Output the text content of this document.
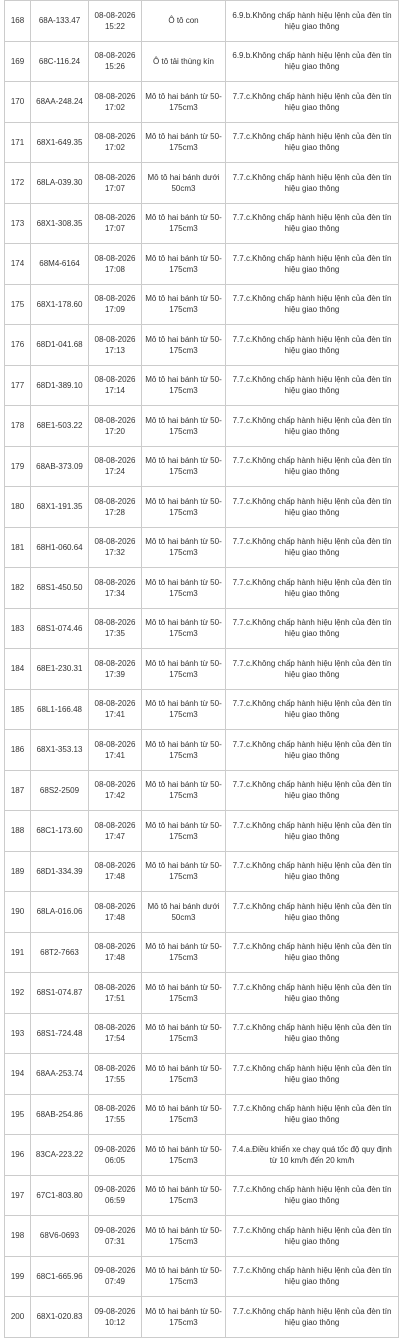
168	68A-133.47	08-08-2026 15:22	Ô tô con	6.9.b.Không chấp hành hiệu lệnh của đèn tín hiệu giao thông
169	68C-116.24	08-08-2026 15:26	Ô tô tải thùng kín	6.9.b.Không chấp hành hiệu lệnh của đèn tín hiệu giao thông
170	68AA-248.24	08-08-2026 17:02	Mô tô hai bánh từ 50-175cm3	7.7.c.Không chấp hành hiệu lệnh của đèn tín hiệu giao thông
171	68X1-649.35	08-08-2026 17:02	Mô tô hai bánh từ 50-175cm3	7.7.c.Không chấp hành hiệu lệnh của đèn tín hiệu giao thông
172	68LA-039.30	08-08-2026 17:07	Mô tô hai bánh dưới 50cm3	7.7.c.Không chấp hành hiệu lệnh của đèn tín hiệu giao thông
173	68X1-308.35	08-08-2026 17:07	Mô tô hai bánh từ 50-175cm3	7.7.c.Không chấp hành hiệu lệnh của đèn tín hiệu giao thông
174	68M4-6164	08-08-2026 17:08	Mô tô hai bánh từ 50-175cm3	7.7.c.Không chấp hành hiệu lệnh của đèn tín hiệu giao thông
175	68X1-178.60	08-08-2026 17:09	Mô tô hai bánh từ 50-175cm3	7.7.c.Không chấp hành hiệu lệnh của đèn tín hiệu giao thông
176	68D1-041.68	08-08-2026 17:13	Mô tô hai bánh từ 50-175cm3	7.7.c.Không chấp hành hiệu lệnh của đèn tín hiệu giao thông
177	68D1-389.10	08-08-2026 17:14	Mô tô hai bánh từ 50-175cm3	7.7.c.Không chấp hành hiệu lệnh của đèn tín hiệu giao thông
178	68E1-503.22	08-08-2026 17:20	Mô tô hai bánh từ 50-175cm3	7.7.c.Không chấp hành hiệu lệnh của đèn tín hiệu giao thông
179	68AB-373.09	08-08-2026 17:24	Mô tô hai bánh từ 50-175cm3	7.7.c.Không chấp hành hiệu lệnh của đèn tín hiệu giao thông
180	68X1-191.35	08-08-2026 17:28	Mô tô hai bánh từ 50-175cm3	7.7.c.Không chấp hành hiệu lệnh của đèn tín hiệu giao thông
181	68H1-060.64	08-08-2026 17:32	Mô tô hai bánh từ 50-175cm3	7.7.c.Không chấp hành hiệu lệnh của đèn tín hiệu giao thông
182	68S1-450.50	08-08-2026 17:34	Mô tô hai bánh từ 50-175cm3	7.7.c.Không chấp hành hiệu lệnh của đèn tín hiệu giao thông
183	68S1-074.46	08-08-2026 17:35	Mô tô hai bánh từ 50-175cm3	7.7.c.Không chấp hành hiệu lệnh của đèn tín hiệu giao thông
184	68E1-230.31	08-08-2026 17:39	Mô tô hai bánh từ 50-175cm3	7.7.c.Không chấp hành hiệu lệnh của đèn tín hiệu giao thông
185	68L1-166.48	08-08-2026 17:41	Mô tô hai bánh từ 50-175cm3	7.7.c.Không chấp hành hiệu lệnh của đèn tín hiệu giao thông
186	68X1-353.13	08-08-2026 17:41	Mô tô hai bánh từ 50-175cm3	7.7.c.Không chấp hành hiệu lệnh của đèn tín hiệu giao thông
187	68S2-2509	08-08-2026 17:42	Mô tô hai bánh từ 50-175cm3	7.7.c.Không chấp hành hiệu lệnh của đèn tín hiệu giao thông
188	68C1-173.60	08-08-2026 17:47	Mô tô hai bánh từ 50-175cm3	7.7.c.Không chấp hành hiệu lệnh của đèn tín hiệu giao thông
189	68D1-334.39	08-08-2026 17:48	Mô tô hai bánh từ 50-175cm3	7.7.c.Không chấp hành hiệu lệnh của đèn tín hiệu giao thông
190	68LA-016.06	08-08-2026 17:48	Mô tô hai bánh dưới 50cm3	7.7.c.Không chấp hành hiệu lệnh của đèn tín hiệu giao thông
191	68T2-7663	08-08-2026 17:48	Mô tô hai bánh từ 50-175cm3	7.7.c.Không chấp hành hiệu lệnh của đèn tín hiệu giao thông
192	68S1-074.87	08-08-2026 17:51	Mô tô hai bánh từ 50-175cm3	7.7.c.Không chấp hành hiệu lệnh của đèn tín hiệu giao thông
193	68S1-724.48	08-08-2026 17:54	Mô tô hai bánh từ 50-175cm3	7.7.c.Không chấp hành hiệu lệnh của đèn tín hiệu giao thông
194	68AA-253.74	08-08-2026 17:55	Mô tô hai bánh từ 50-175cm3	7.7.c.Không chấp hành hiệu lệnh của đèn tín hiệu giao thông
195	68AB-254.86	08-08-2026 17:55	Mô tô hai bánh từ 50-175cm3	7.7.c.Không chấp hành hiệu lệnh của đèn tín hiệu giao thông
196	83CA-223.22	09-08-2026 06:05	Mô tô hai bánh từ 50-175cm3	7.4.a.Điều khiển xe chạy quá tốc độ quy định từ 10 km/h đến 20 km/h
197	67C1-803.80	09-08-2026 06:59	Mô tô hai bánh từ 50-175cm3	7.7.c.Không chấp hành hiệu lệnh của đèn tín hiệu giao thông
198	68V6-0693	09-08-2026 07:31	Mô tô hai bánh từ 50-175cm3	7.7.c.Không chấp hành hiệu lệnh của đèn tín hiệu giao thông
199	68C1-665.96	09-08-2026 07:49	Mô tô hai bánh từ 50-175cm3	7.7.c.Không chấp hành hiệu lệnh của đèn tín hiệu giao thông
200	68X1-020.83	09-08-2026 10:12	Mô tô hai bánh từ 50-175cm3	7.7.c.Không chấp hành hiệu lệnh của đèn tín hiệu giao thông
